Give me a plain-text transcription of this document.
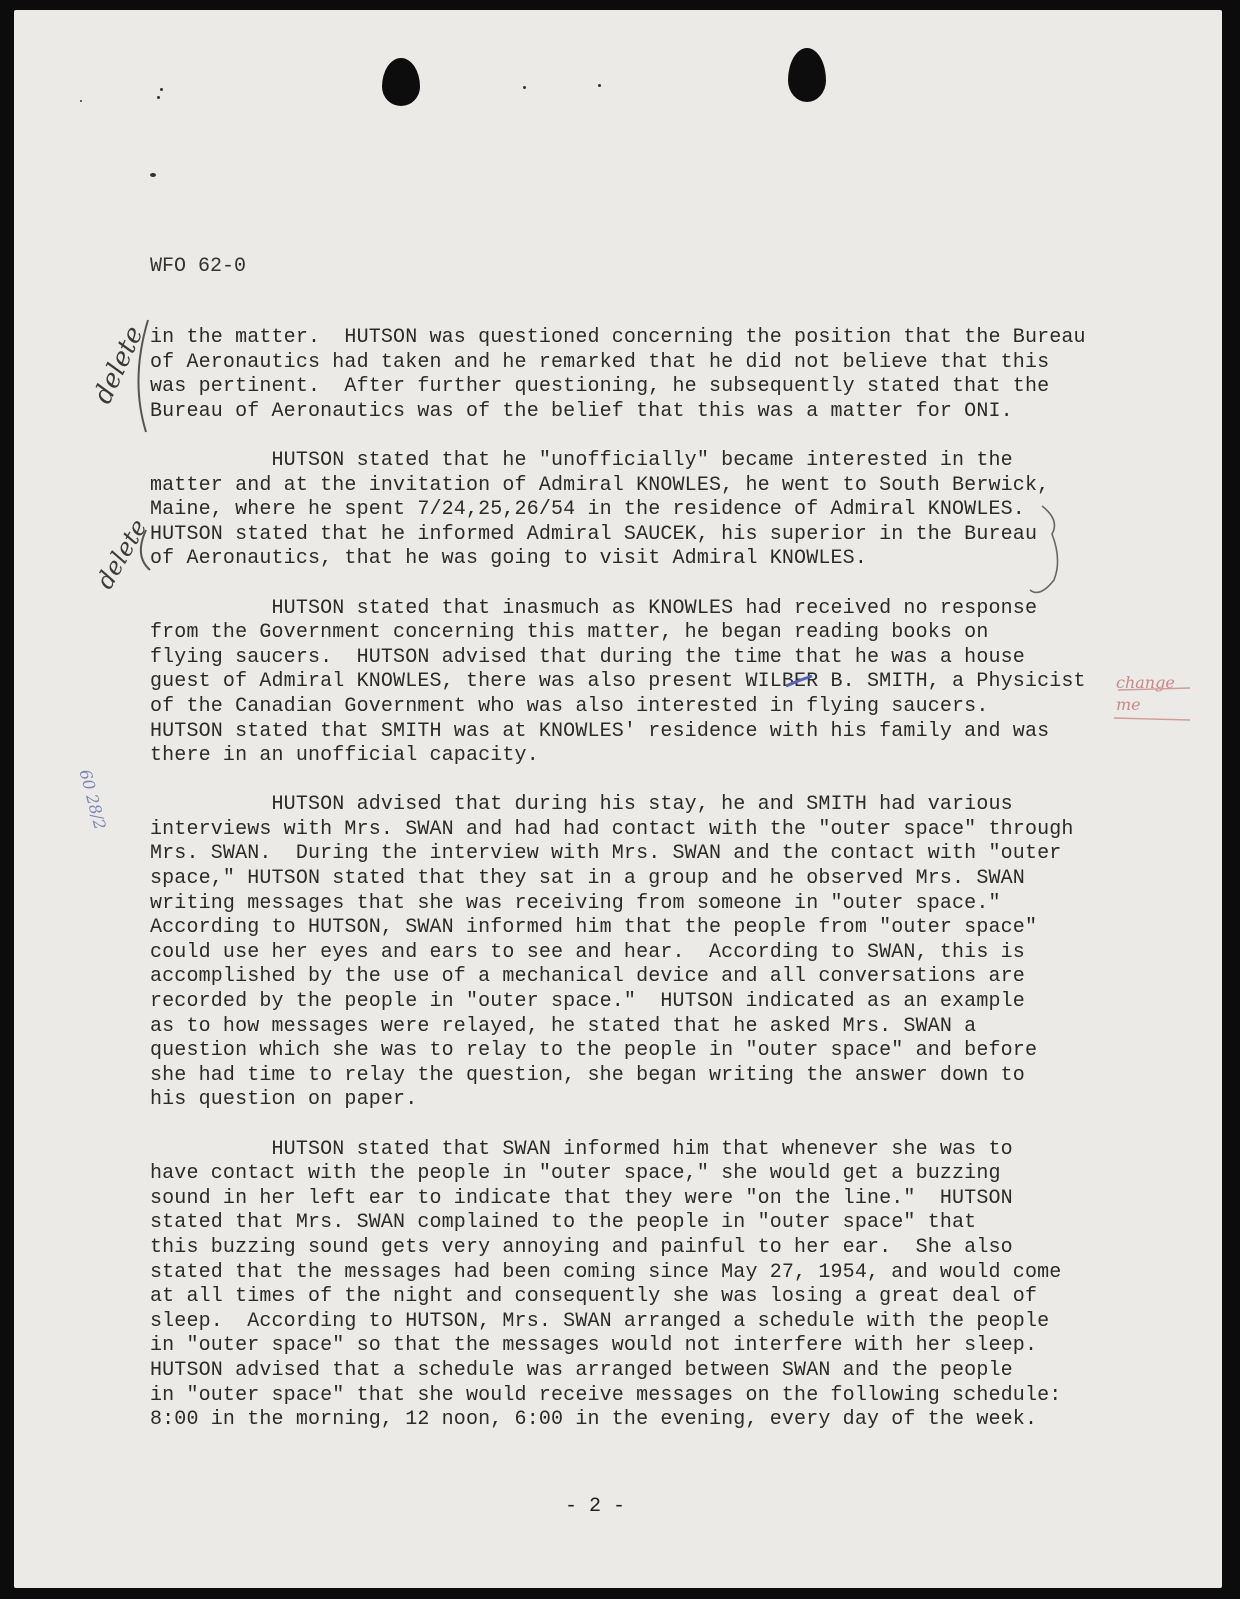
WFO 62-0
in the matter.  HUTSON was questioned concerning the position that the Bureau
of Aeronautics had taken and he remarked that he did not believe that this
was pertinent.  After further questioning, he subsequently stated that the
Bureau of Aeronautics was of the belief that this was a matter for ONI.
HUTSON stated that he "unofficially" became interested in the
matter and at the invitation of Admiral KNOWLES, he went to South Berwick,
Maine, where he spent 7/24,25,26/54 in the residence of Admiral KNOWLES.
HUTSON stated that he informed Admiral SAUCEK, his superior in the Bureau
of Aeronautics, that he was going to visit Admiral KNOWLES.
HUTSON stated that inasmuch as KNOWLES had received no response
from the Government concerning this matter, he began reading books on
flying saucers.  HUTSON advised that during the time that he was a house
guest of Admiral KNOWLES, there was also present WILBER B. SMITH, a Physicist
of the Canadian Government who was also interested in flying saucers.
HUTSON stated that SMITH was at KNOWLES' residence with his family and was
there in an unofficial capacity.
HUTSON advised that during his stay, he and SMITH had various
interviews with Mrs. SWAN and had had contact with the "outer space" through
Mrs. SWAN.  During the interview with Mrs. SWAN and the contact with "outer
space," HUTSON stated that they sat in a group and he observed Mrs. SWAN
writing messages that she was receiving from someone in "outer space."
According to HUTSON, SWAN informed him that the people from "outer space"
could use her eyes and ears to see and hear.  According to SWAN, this is
accomplished by the use of a mechanical device and all conversations are
recorded by the people in "outer space."  HUTSON indicated as an example
as to how messages were relayed, he stated that he asked Mrs. SWAN a
question which she was to relay to the people in "outer space" and before
she had time to relay the question, she began writing the answer down to
his question on paper.
HUTSON stated that SWAN informed him that whenever she was to
have contact with the people in "outer space," she would get a buzzing
sound in her left ear to indicate that they were "on the line."  HUTSON
stated that Mrs. SWAN complained to the people in "outer space" that
this buzzing sound gets very annoying and painful to her ear.  She also
stated that the messages had been coming since May 27, 1954, and would come
at all times of the night and consequently she was losing a great deal of
sleep.  According to HUTSON, Mrs. SWAN arranged a schedule with the people
in "outer space" so that the messages would not interfere with her sleep.
HUTSON advised that a schedule was arranged between SWAN and the people
in "outer space" that she would receive messages on the following schedule:
8:00 in the morning, 12 noon, 6:00 in the evening, every day of the week.
delete
delete
60 28/2
change me
- 2 -
